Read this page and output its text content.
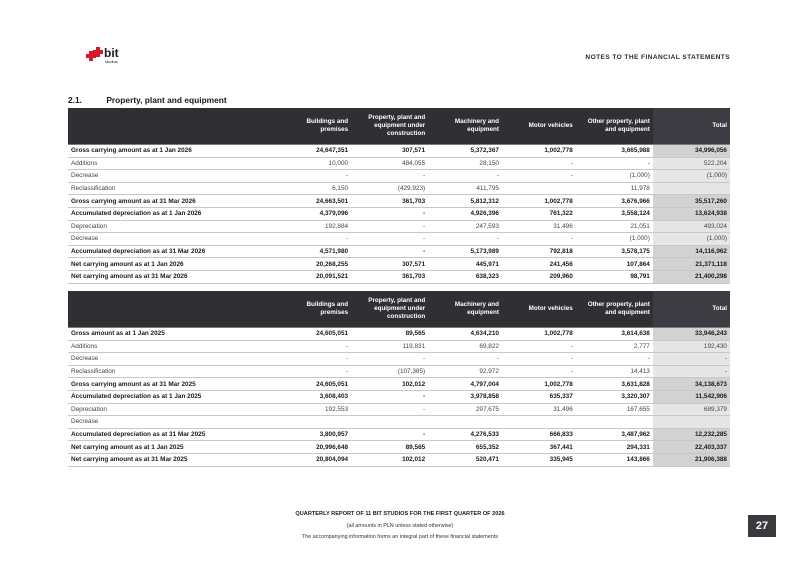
bit
studios
NOTES TO THE FINANCIAL STATEMENTS
2.1.	Property, plant and equipment
	Buildings and premises	Property, plant and equipment under construction	Machinery and equipment	Motor vehicles	Other property, plant and equipment	Total
Gross carrying amount as at 1 Jan 2026	24,647,351	307,571	5,372,367	1,002,778	3,665,988	34,996,056
Additions	10,000	484,055	28,150	-	-	522,204
Decrease	-	-	-	-	(1,000)	(1,000)
Reclassification	6,150	(429,923)	411,795		11,978	
Gross carrying amount as at 31 Mar 2026	24,663,501	361,703	5,812,312	1,002,778	3,676,966	35,517,260
Accumulated depreciation as at 1 Jan 2026	4,379,096	-	4,926,396	761,322	3,558,124	13,624,938
Depreciation	192,884	-	247,593	31,496	21,051	493,024
Decrease	-	-	-	-	(1,000)	(1,000)
Accumulated depreciation as at 31 Mar 2026	4,571,980	-	5,173,989	792,818	3,578,175	14,116,962
Net carrying amount as at 1 Jan 2026	20,268,255	307,571	445,971	241,456	107,864	21,371,118
Net carrying amount as at 31 Mar 2026	20,091,521	361,703	638,323	209,960	98,791	21,400,298
	Buildings and premises	Property, plant and equipment under construction	Machinery and equipment	Motor vehicles	Other property, plant and equipment	Total
Gross amount as at 1 Jan 2025	24,605,051	89,565	4,634,210	1,002,778	3,614,638	33,946,243
Additions	-	119,831	69,822	-	2,777	192,430
Decrease	-	-	-	-	-	-
Reclassification	-	(107,385)	92,972	-	14,413	-
Gross carrying amount as at 31 Mar 2025	24,605,051	102,012	4,797,004	1,002,778	3,631,828	34,138,673
Accumulated depreciation as at 1 Jan 2025	3,608,403	-	3,978,858	635,337	3,320,307	11,542,906
Depreciation	192,553	-	297,675	31,496	167,655	689,379
Decrease						
Accumulated depreciation as at 31 Mar 2025	3,800,957	-	4,276,533	666,833	3,487,962	12,232,285
Net carrying amount as at 1 Jan 2025	20,996,648	89,565	655,352	367,441	294,331	22,403,337
Net carrying amount as at 31 Mar 2025	20,804,094	102,012	520,471	335,945	143,866	21,906,388
QUARTERLY REPORT OF 11 BIT STUDIOS FOR THE FIRST QUARTER OF 2026
(all amounts in PLN unless stated otherwise)
The accompanying information forms an integral part of these financial statements
27
